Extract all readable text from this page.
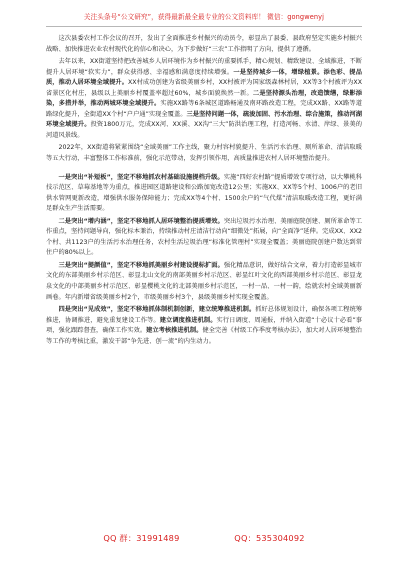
关注头条号“公文研究”，获得最新最全最专业的公文资料库！ 微信：gongwenyj

这次县委农村工作会议的召开，发出了全面推进乡村振兴的动员令，彰显出了县委、县政府坚定实施乡村振兴战略、加快推进农业农村现代化的信心和决心，为下步做好“三农”工作指明了方向，提供了遵循。

去年以来，XX街道坚持把改善城乡人居环境作为乡村振兴的重要抓手，精心规划、精致建设、全域推进，不断提升人居环境“软实力”，群众获得感、幸福感和满意度持续增强。一是坚持城乡一体，增绿植景。添色彩、提品质，推动人居环境全域提升。XX村成功创建为省级美丽乡村，XX村被评为国家级森林村居，XX等3个村被评为XX省景区化村庄，县级以上美丽乡村覆盖率超过60%，城乡面貌焕然一新。二是坚持源头治理，改造馈缮，绿影添染，多措并举，推动两城环境全域提升。实施XX路等6条城区道路畅通及南环路改造工程，完成XX路、XX路等道路绿化提升，全街道XX个村“户户通”实现全覆盖。三是坚持问题一体，疏浚加固、污水治理、综合施策，推动河湖环境全域提升。投资1800万元，完成XX河、XX溪、XX沟“三大”防洪治理工程，打造河畅、水清、岸绿、景美的河道风景线。

2022年，XX街道将紧紧围绕“全域美丽”工作主线，聚力村容村貌提升、生活污水治理、厕所革命、清洁取暖等五大行动，丰富整体工作标准前，强化示范带动，发挥引领作用，高质量推进农村人居环境整治提升。

一是突出“补短板”，坚定不移地抓农村基础设施提档升级。实施“四好农村路”提质增效专项行动，以大攀桃科技示范区、草莓基地等为重点，推进园区道路建设和公路加宽改造12公里；实施XX、XX等5个村、1006户的老旧供水管网更新改造，增强供水服务保障能力；完成XX等4个村、1500余户的“气代煤”清洁取暖改造工程，更好满足群众生产生活需要。

二是突出“增内涵”，坚定不移地抓人居环境整治提质增效。突出垃圾污水治理、美丽庭院创建、厕所革命等工作重点，坚持问题导向，强化标本兼治，持续推动村庄清洁行动向“细微处”拓展，向“全面净”延伸。完成XX、XX2个村、共1123户的生活污水治理任务，农村生活垃圾治理“标准化管理村”实现全覆盖；美丽庭院创建户数达到常住户的80%以上。

三是突出“提颜值”，坚定不移地抓美丽乡村建设提标扩面。强化精品意识，做好结合文章，着力打造彰显城市文化的东部美丽乡村示范区、彰显北山文化的南部美丽乡村示范区、彰显红叶文化的西部美丽乡村示范区、彰显龙泉文化的中部美丽乡村示范区、彰显樱桃文化的北部美丽乡村示范区，一村一品、一村一韵，绘就农村全域美丽新画卷。年内新增省级美丽乡村2个，市级美丽乡村3个，县级美丽乡村实现全覆盖。

四是突出“见成效”，坚定不移地抓体制机制创新，建立统筹推进机制。抓好总体规划设计，确保各项工程统筹推进，协调推进，避免重复建设工作等。建立调度推进机制。实行日调度、周通报，并纳入街道“十必议十必看”事项，强化跟踪督查，确保工作实效。建立考核推进机制。健全完善《村级工作季度考核办法》，加大对人居环境整治等工作的考核比重，激发干部“争先进、创一流”的内生动力。

QQ 群：31991489	QQ：535304092
